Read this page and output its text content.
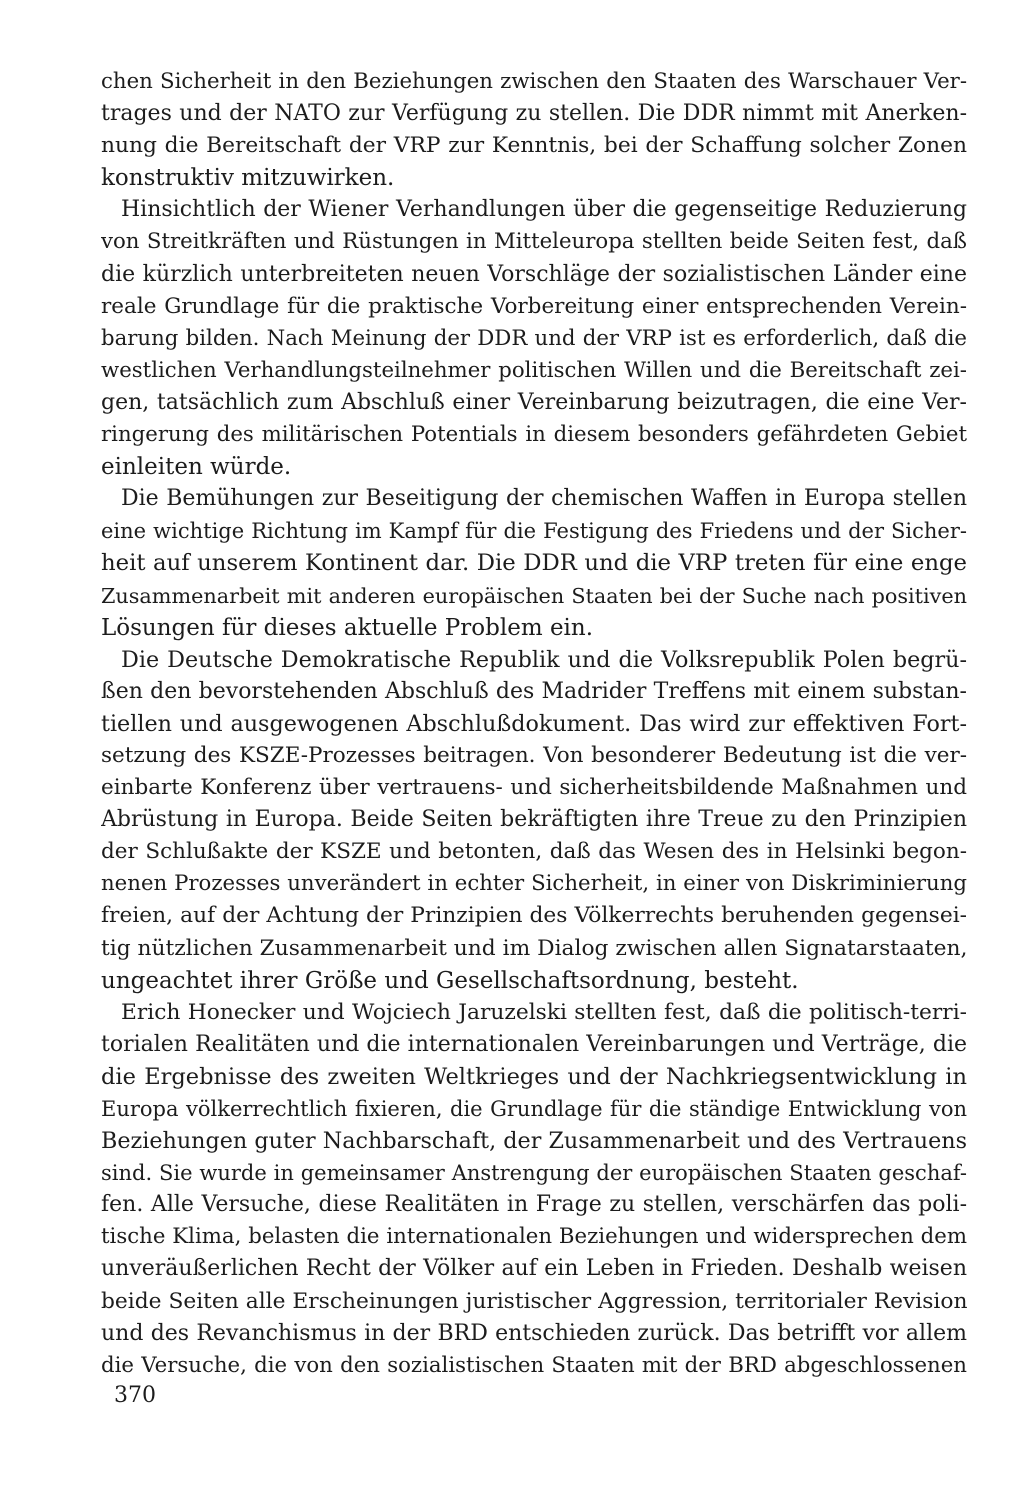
chen Sicherheit in den Beziehungen zwischen den Staaten des Warschauer Ver-
trages und der NATO zur Verfügung zu stellen. Die DDR nimmt mit Anerken-
nung die Bereitschaft der VRP zur Kenntnis, bei der Schaffung solcher Zonen
konstruktiv mitzuwirken.
Hinsichtlich der Wiener Verhandlungen über die gegenseitige Reduzierung
von Streitkräften und Rüstungen in Mitteleuropa stellten beide Seiten fest, daß
die kürzlich unterbreiteten neuen Vorschläge der sozialistischen Länder eine
reale Grundlage für die praktische Vorbereitung einer entsprechenden Verein-
barung bilden. Nach Meinung der DDR und der VRP ist es erforderlich, daß die
westlichen Verhandlungsteilnehmer politischen Willen und die Bereitschaft zei-
gen, tatsächlich zum Abschluß einer Vereinbarung beizutragen, die eine Ver-
ringerung des militärischen Potentials in diesem besonders gefährdeten Gebiet
einleiten würde.
Die Bemühungen zur Beseitigung der chemischen Waffen in Europa stellen
eine wichtige Richtung im Kampf für die Festigung des Friedens und der Sicher-
heit auf unserem Kontinent dar. Die DDR und die VRP treten für eine enge
Zusammenarbeit mit anderen europäischen Staaten bei der Suche nach positiven
Lösungen für dieses aktuelle Problem ein.
Die Deutsche Demokratische Republik und die Volksrepublik Polen begrü-
ßen den bevorstehenden Abschluß des Madrider Treffens mit einem substan-
tiellen und ausgewogenen Abschlußdokument. Das wird zur effektiven Fort-
setzung des KSZE-Prozesses beitragen. Von besonderer Bedeutung ist die ver-
einbarte Konferenz über vertrauens- und sicherheitsbildende Maßnahmen und
Abrüstung in Europa. Beide Seiten bekräftigten ihre Treue zu den Prinzipien
der Schlußakte der KSZE und betonten, daß das Wesen des in Helsinki begon-
nenen Prozesses unverändert in echter Sicherheit, in einer von Diskriminierung
freien, auf der Achtung der Prinzipien des Völkerrechts beruhenden gegensei-
tig nützlichen Zusammenarbeit und im Dialog zwischen allen Signatarstaaten,
ungeachtet ihrer Größe und Gesellschaftsordnung, besteht.
Erich Honecker und Wojciech Jaruzelski stellten fest, daß die politisch-terri-
torialen Realitäten und die internationalen Vereinbarungen und Verträge, die
die Ergebnisse des zweiten Weltkrieges und der Nachkriegsentwicklung in
Europa völkerrechtlich fixieren, die Grundlage für die ständige Entwicklung von
Beziehungen guter Nachbarschaft, der Zusammenarbeit und des Vertrauens
sind. Sie wurde in gemeinsamer Anstrengung der europäischen Staaten geschaf-
fen. Alle Versuche, diese Realitäten in Frage zu stellen, verschärfen das poli-
tische Klima, belasten die internationalen Beziehungen und widersprechen dem
unveräußerlichen Recht der Völker auf ein Leben in Frieden. Deshalb weisen
beide Seiten alle Erscheinungen juristischer Aggression, territorialer Revision
und des Revanchismus in der BRD entschieden zurück. Das betrifft vor allem
die Versuche, die von den sozialistischen Staaten mit der BRD abgeschlossenen
370
